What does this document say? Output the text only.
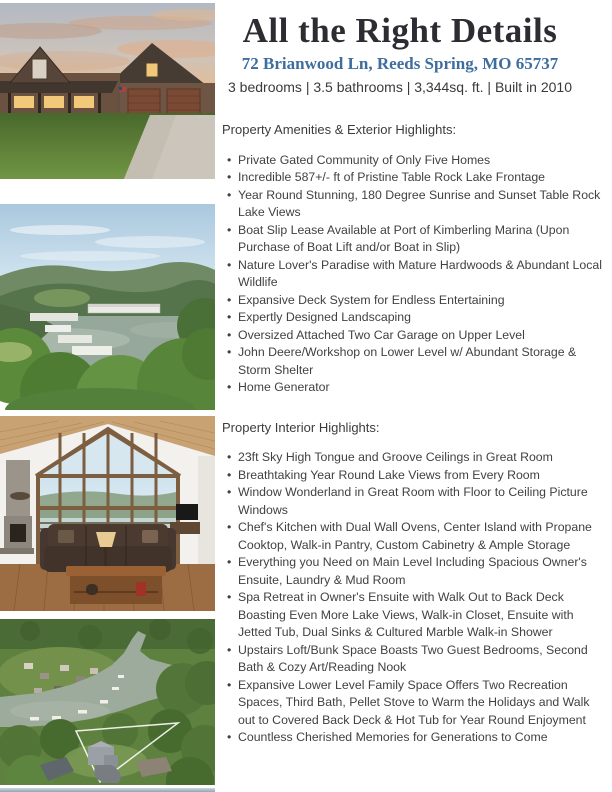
All the Right Details
72 Brianwood Ln, Reeds Spring, MO 65737
3 bedrooms | 3.5 bathrooms | 3,344sq. ft. | Built in 2010
Property Amenities & Exterior Highlights:
• Private Gated Community of Only Five Homes
• Incredible 587+/- ft of Pristine Table Rock Lake Frontage
• Year Round Stunning, 180 Degree Sunrise and Sunset Table Rock Lake Views
• Boat Slip Lease Available at Port of Kimberling Marina (Upon Purchase of Boat Lift and/or Boat in Slip)
• Nature Lover's Paradise with Mature Hardwoods & Abundant Local Wildlife
• Expansive Deck System for Endless Entertaining
• Expertly Designed Landscaping
• Oversized Attached Two Car Garage on Upper Level
• John Deere/Workshop on Lower Level w/ Abundant Storage & Storm Shelter
• Home Generator
Property Interior Highlights:
• 23ft Sky High Tongue and Groove Ceilings in Great Room
• Breathtaking Year Round Lake Views from Every Room
• Window Wonderland in Great Room with Floor to Ceiling Picture Windows
• Chef's Kitchen with Dual Wall Ovens, Center Island with Propane Cooktop, Walk-in Pantry, Custom Cabinetry & Ample Storage
• Everything you Need on Main Level Including Spacious Owner's Ensuite, Laundry & Mud Room
• Spa Retreat in Owner's Ensuite with Walk Out to Back Deck Boasting Even More Lake Views, Walk-in Closet, Ensuite with Jetted Tub, Dual Sinks & Cultured Marble Walk-in Shower
• Upstairs Loft/Bunk Space Boasts Two Guest Bedrooms, Second Bath & Cozy Art/Reading Nook
• Expansive Lower Level Family Space Offers Two Recreation Spaces, Third Bath, Pellet Stove to Warm the Holidays and Walk out to Covered Back Deck & Hot Tub for Year Round Enjoyment
• Countless Cherished Memories for Generations to Come
